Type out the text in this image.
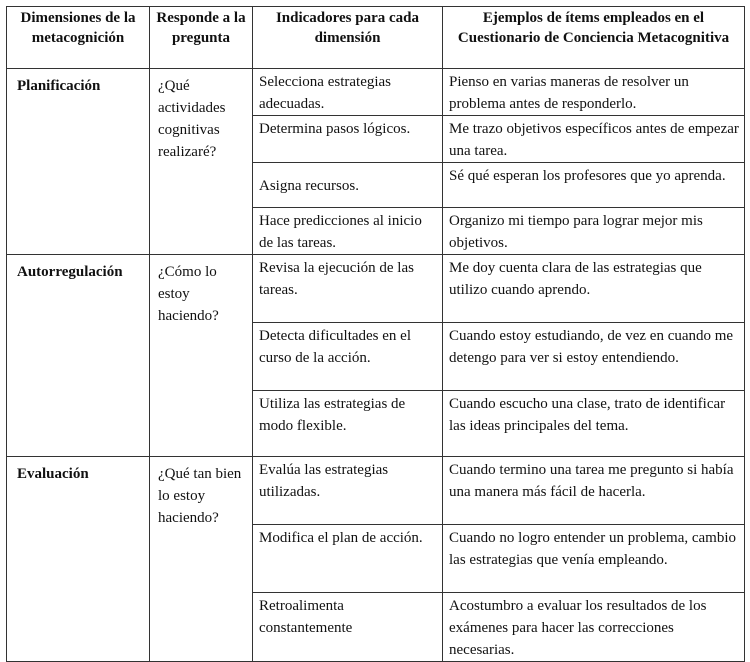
Dimensiones de la metacognición	Responde a la pregunta	Indicadores para cada dimensión	Ejemplos de ítems empleados en el Cuestionario de Conciencia Metacognitiva
Planificación	¿Qué actividades cognitivas realizaré?	Selecciona estrategias adecuadas.	Pienso en varias maneras de resolver un problema antes de responderlo.
		Determina pasos lógicos.	Me trazo objetivos específicos antes de empezar una tarea.
		Asigna recursos.	Sé qué esperan los profesores que yo aprenda.
		Hace predicciones al inicio de las tareas.	Organizo mi tiempo para lograr mejor mis objetivos.
Autorregulación	¿Cómo lo estoy haciendo?	Revisa la ejecución de las tareas.	Me doy cuenta clara de las estrategias que utilizo cuando aprendo.
		Detecta dificultades en el curso de la acción.	Cuando estoy estudiando, de vez en cuando me detengo para ver si estoy entendiendo.
		Utiliza las estrategias de modo flexible.	Cuando escucho una clase, trato de identificar las ideas principales del tema.
Evaluación	¿Qué tan bien lo estoy haciendo?	Evalúa las estrategias utilizadas.	Cuando termino una tarea me pregunto si había una manera más fácil de hacerla.
		Modifica el plan de acción.	Cuando no logro entender un problema, cambio las estrategias que venía empleando.
		Retroalimenta constantemente	Acostumbro a evaluar los resultados de los exámenes para hacer las correcciones necesarias.
